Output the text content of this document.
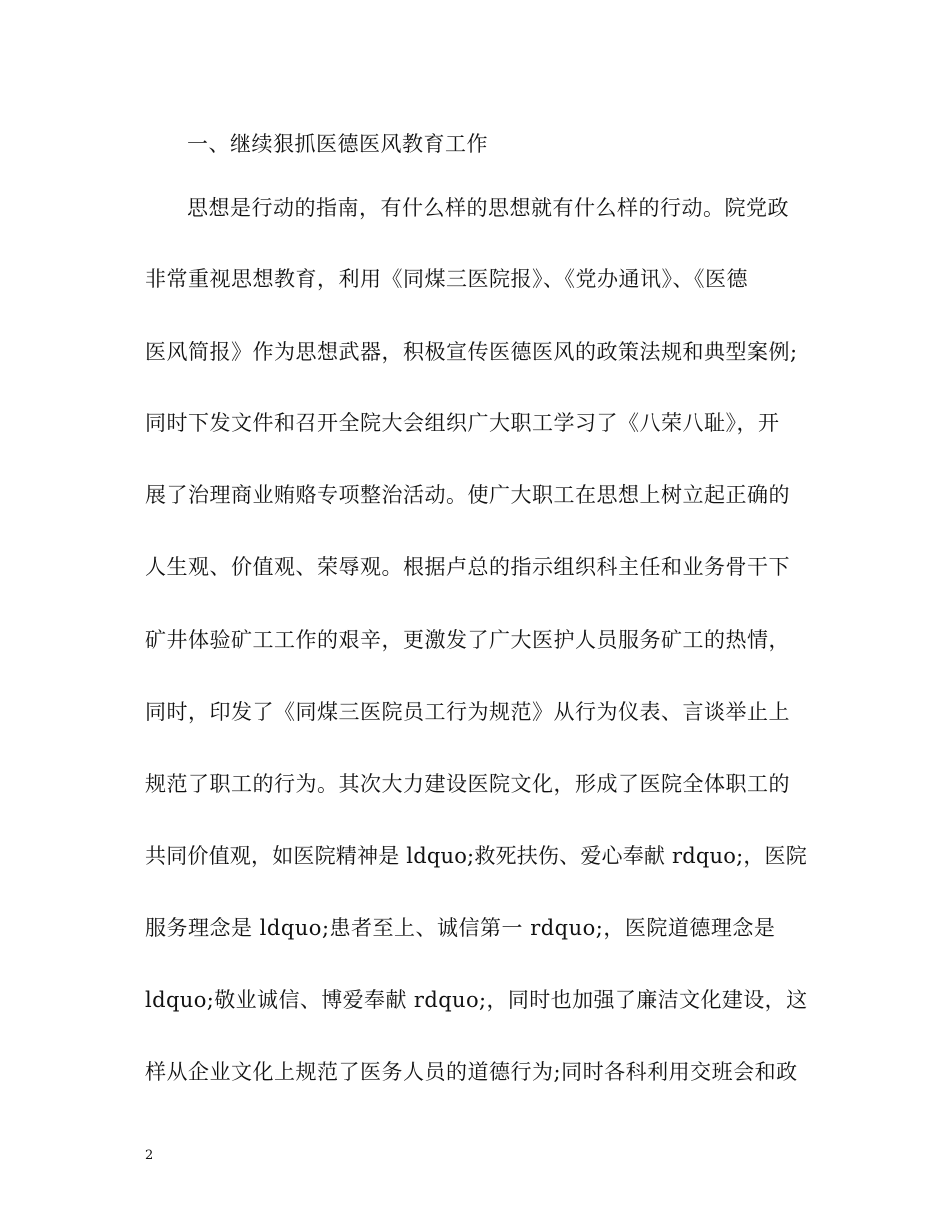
一、继续狠抓医德医风教育工作
思想是行动的指南，有什么样的思想就有什么样的行动。院党政
非常重视思想教育，利用《同煤三医院报》、《党办通讯》、《医德
医风简报》作为思想武器，积极宣传医德医风的政策法规和典型案例;
同时下发文件和召开全院大会组织广大职工学习了《八荣八耻》，开
展了治理商业贿赂专项整治活动。使广大职工在思想上树立起正确的
人生观、价值观、荣辱观。根据卢总的指示组织科主任和业务骨干下
矿井体验矿工工作的艰辛，更激发了广大医护人员服务矿工的热情，
同时，印发了《同煤三医院员工行为规范》从行为仪表、言谈举止上
规范了职工的行为。其次大力建设医院文化，形成了医院全体职工的
共同价值观，如医院精神是 ldquo;救死扶伤、爱心奉献 rdquo;，医院
服务理念是 ldquo;患者至上、诚信第一 rdquo;，医院道德理念是
ldquo;敬业诚信、博爱奉献 rdquo;，同时也加强了廉洁文化建设，这
样从企业文化上规范了医务人员的道德行为;同时各科利用交班会和政
2
